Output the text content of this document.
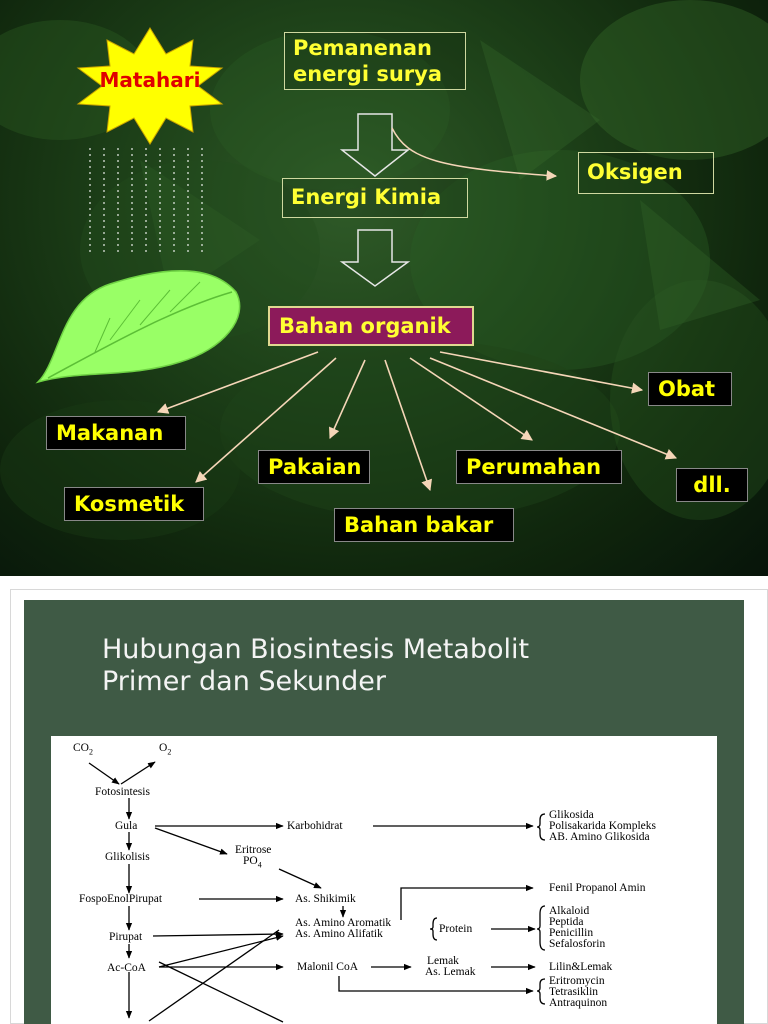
Matahari
Pemanenan
energi surya
Oksigen
Energi Kimia
Bahan organik
Makanan
Kosmetik
Pakaian
Bahan bakar
Perumahan
Obat
dll.
Hubungan Biosintesis Metabolit
Primer dan Sekunder
$CO_2$	$O_2$
Fotosintesis
Gula
Glikolisis
FospoEnolPirupat
Pirupat
Ac-CoA
Karbohidrat
Eritrose
$PO_4$
As. Shikimik
As. Amino Aromatik
As. Amino Alifatik	Protein
Malonil CoA	Lemak
As. Lemak
Glikosida
Polisakarida Kompleks
AB. Amino Glikosida
Fenil Propanol Amin
Alkaloid
Peptida
Penicillin
Sefalosforin
Lilin&Lemak
Eritromycin
Tetrasiklin
Antraquinon
